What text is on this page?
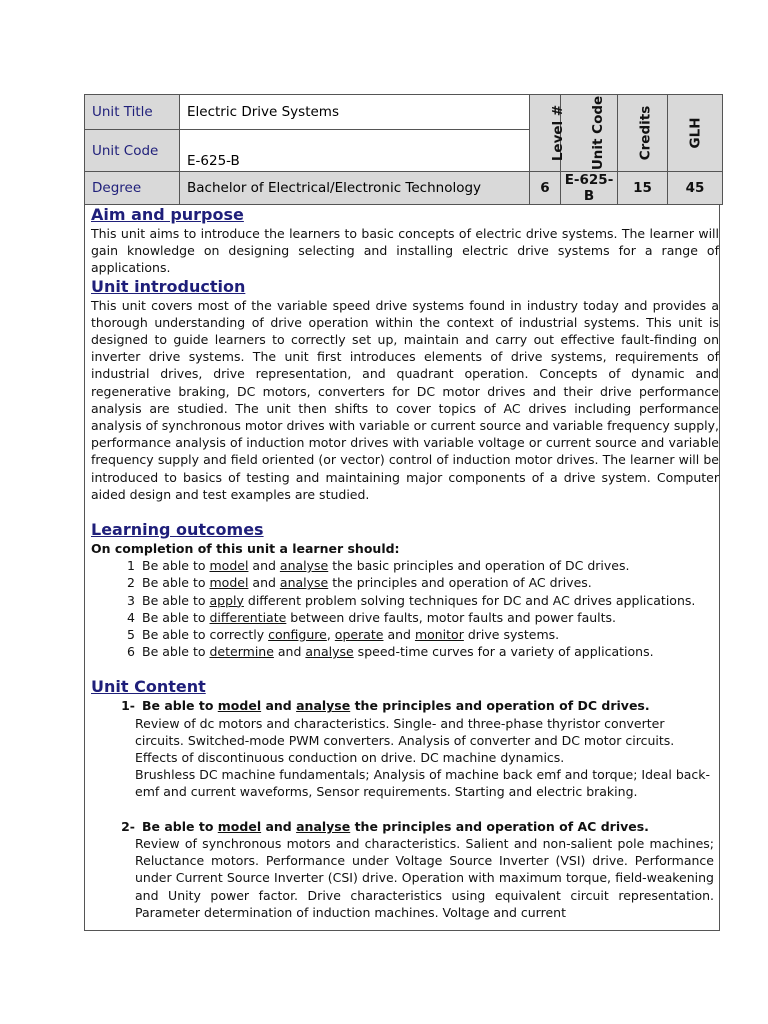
Unit Title	Electric Drive Systems	Level #	Unit Code	Credits	GLH
Unit Code	E-625-B				
Degree	Bachelor of Electrical/Electronic Technology	6	E-625-B	15	45
Aim and purpose

This unit aims to introduce the learners to basic concepts of electric drive systems. The learner will gain knowledge on designing selecting and installing electric drive systems for a range of applications.

Unit introduction

This unit covers most of the variable speed drive systems found in industry today and provides a thorough understanding of drive operation within the context of industrial systems. This unit is designed to guide learners to correctly set up, maintain and carry out effective fault-finding on inverter drive systems. The unit first introduces elements of drive systems, requirements of industrial drives, drive representation, and quadrant operation. Concepts of dynamic and regenerative braking, DC motors, converters for DC motor drives and their drive performance analysis are studied. The unit then shifts to cover topics of AC drives including performance analysis of synchronous motor drives with variable or current source and variable frequency supply, performance analysis of induction motor drives with variable voltage or current source and variable frequency supply and field oriented (or vector) control of induction motor drives. The learner will be introduced to basics of testing and maintaining major components of a drive system. Computer aided design and test examples are studied.

Learning outcomes
On completion of this unit a learner should:
1 Be able to model and analyse the basic principles and operation of DC drives.
2 Be able to model and analyse the principles and operation of AC drives.
3 Be able to apply different problem solving techniques for DC and AC drives applications.
4 Be able to differentiate between drive faults, motor faults and power faults.
5 Be able to correctly configure, operate and monitor drive systems.
6 Be able to determine and analyse speed-time curves for a variety of applications.
Unit Content
1- Be able to model and analyse the principles and operation of DC drives.

Review of dc motors and characteristics. Single- and three-phase thyristor converter circuits. Switched-mode PWM converters. Analysis of converter and DC motor circuits. Effects of discontinuous conduction on drive. DC machine dynamics.

Brushless DC machine fundamentals; Analysis of machine back emf and torque; Ideal back-emf and current waveforms, Sensor requirements. Starting and electric braking.

2- Be able to model and analyse the principles and operation of AC drives.

Review of synchronous motors and characteristics. Salient and non-salient pole machines; Reluctance motors. Performance under Voltage Source Inverter (VSI) drive. Performance under Current Source Inverter (CSI) drive. Operation with maximum torque, field-weakening and Unity power factor. Drive characteristics using equivalent circuit representation. Parameter determination of induction machines. Voltage and current
